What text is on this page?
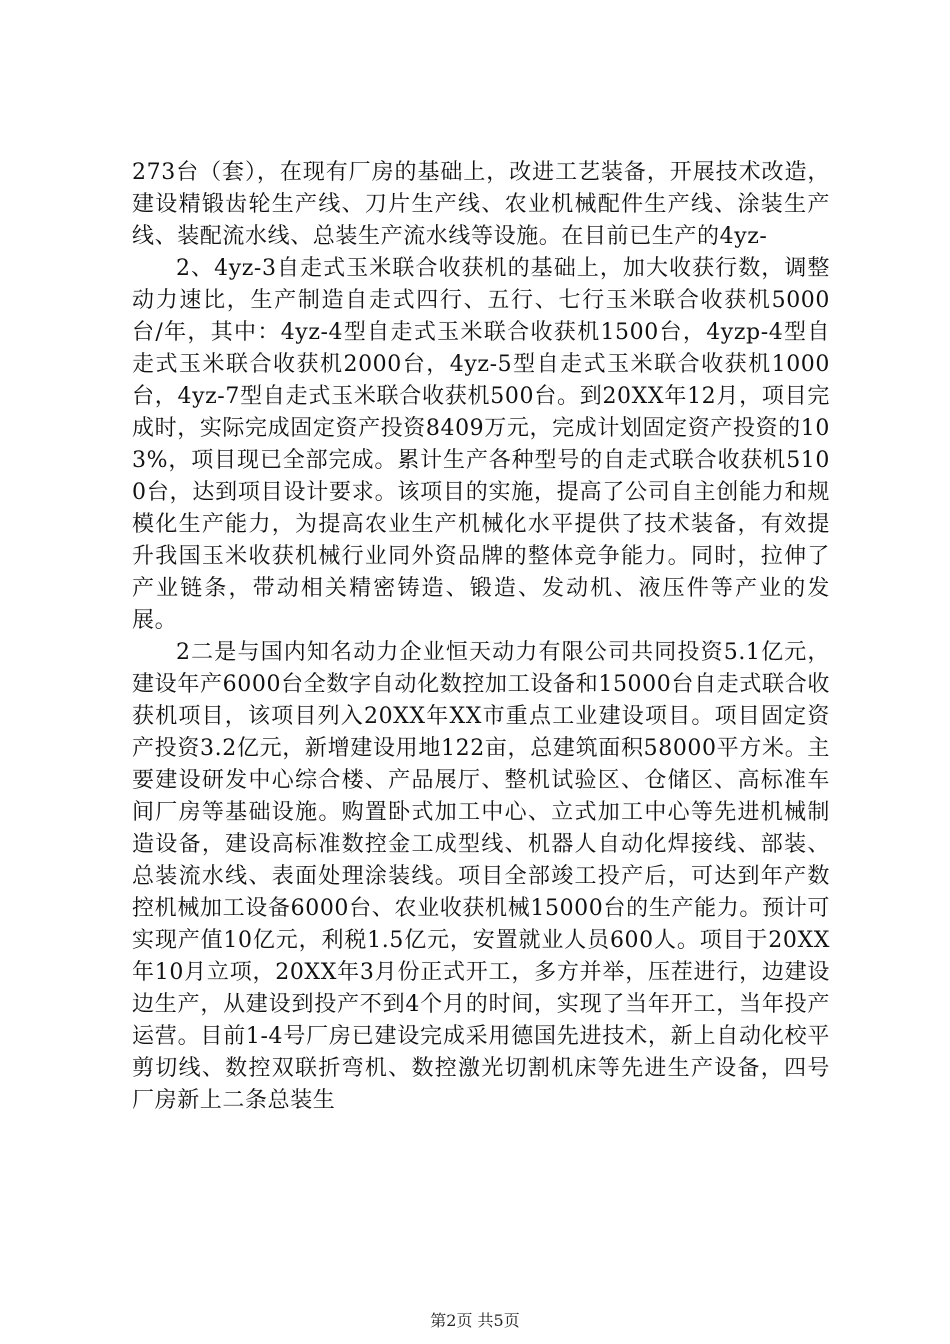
273台（套），在现有厂房的基础上，改进工艺装备，开展技术改造，建设精锻齿轮生产线、刀片生产线、农业机械配件生产线、涂装生产线、装配流水线、总装生产流水线等设施。在目前已生产的4yz-

2、4yz-3自走式玉米联合收获机的基础上，加大收获行数，调整动力速比，生产制造自走式四行、五行、七行玉米联合收获机5000台/年，其中：4yz-4型自走式玉米联合收获机1500台，4yzp-4型自走式玉米联合收获机2000台，4yz-5型自走式玉米联合收获机1000台，4yz-7型自走式玉米联合收获机500台。到20XX年12月，项目完成时，实际完成固定资产投资8409万元，完成计划固定资产投资的103%，项目现已全部完成。累计生产各种型号的自走式联合收获机5100台，达到项目设计要求。该项目的实施，提高了公司自主创能力和规模化生产能力，为提高农业生产机械化水平提供了技术装备，有效提升我国玉米收获机械行业同外资品牌的整体竞争能力。同时，拉伸了产业链条，带动相关精密铸造、锻造、发动机、液压件等产业的发展。

2二是与国内知名动力企业恒天动力有限公司共同投资5.1亿元，建设年产6000台全数字自动化数控加工设备和15000台自走式联合收获机项目，该项目列入20XX年XX市重点工业建设项目。项目固定资产投资3.2亿元，新增建设用地122亩，总建筑面积58000平方米。主要建设研发中心综合楼、产品展厅、整机试验区、仓储区、高标准车间厂房等基础设施。购置卧式加工中心、立式加工中心等先进机械制造设备，建设高标准数控金工成型线、机器人自动化焊接线、部装、总装流水线、表面处理涂装线。项目全部竣工投产后，可达到年产数控机械加工设备6000台、农业收获机械15000台的生产能力。预计可实现产值10亿元，利税1.5亿元，安置就业人员600人。项目于20XX年10月立项，20XX年3月份正式开工，多方并举，压茬进行，边建设边生产，从建设到投产不到4个月的时间，实现了当年开工，当年投产运营。目前1-4号厂房已建设完成采用德国先进技术，新上自动化校平剪切线、数控双联折弯机、数控激光切割机床等先进生产设备，四号厂房新上二条总装生

第2页 共5页
